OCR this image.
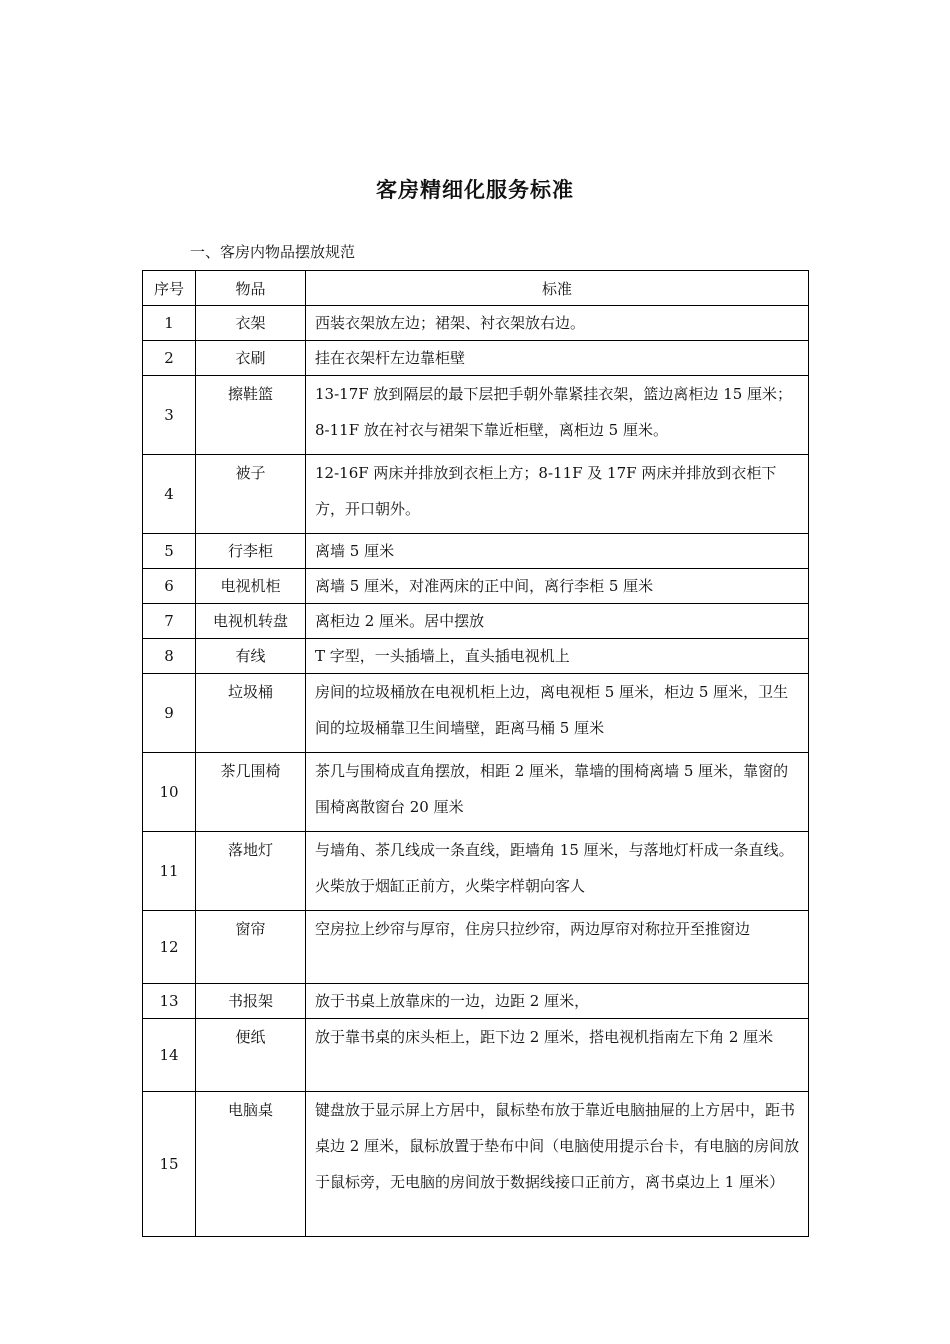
客房精细化服务标准
一、客房内物品摆放规范
序号	物品	标准

1	衣架	西装衣架放左边；裙架、衬衣架放右边。

2	衣刷	挂在衣架杆左边靠柜壁

3	擦鞋篮	13-17F 放到隔层的最下层把手朝外靠紧挂衣架，篮边离柜边 15 厘米；8-11F 放在衬衣与裙架下靠近柜壁，离柜边 5 厘米。

4	被子	12-16F 两床并排放到衣柜上方；8-11F 及 17F 两床并排放到衣柜下方，开口朝外。

5	行李柜	离墙 5 厘米

6	电视机柜	离墙 5 厘米，对准两床的正中间，离行李柜 5 厘米

7	电视机转盘	离柜边 2 厘米。居中摆放

8	有线	T 字型，一头插墙上，直头插电视机上

9	垃圾桶	房间的垃圾桶放在电视机柜上边，离电视柜 5 厘米，柜边 5 厘米，卫生间的垃圾桶靠卫生间墙壁，距离马桶 5 厘米

10	茶几围椅	茶几与围椅成直角摆放，相距 2 厘米，靠墙的围椅离墙 5 厘米，靠窗的围椅离散窗台 20 厘米

11	落地灯	与墙角、茶几线成一条直线，距墙角 15 厘米，与落地灯杆成一条直线。火柴放于烟缸正前方，火柴字样朝向客人

12	窗帘	空房拉上纱帘与厚帘，住房只拉纱帘，两边厚帘对称拉开至推窗边

13	书报架	放于书桌上放靠床的一边，边距 2 厘米，

14	便纸	放于靠书桌的床头柜上，距下边 2 厘米，搭电视机指南左下角 2 厘米

15	电脑桌	键盘放于显示屏上方居中，鼠标垫布放于靠近电脑抽屉的上方居中，距书桌边 2 厘米，鼠标放置于垫布中间（电脑使用提示台卡，有电脑的房间放于鼠标旁，无电脑的房间放于数据线接口正前方，离书桌边上 1 厘米）
